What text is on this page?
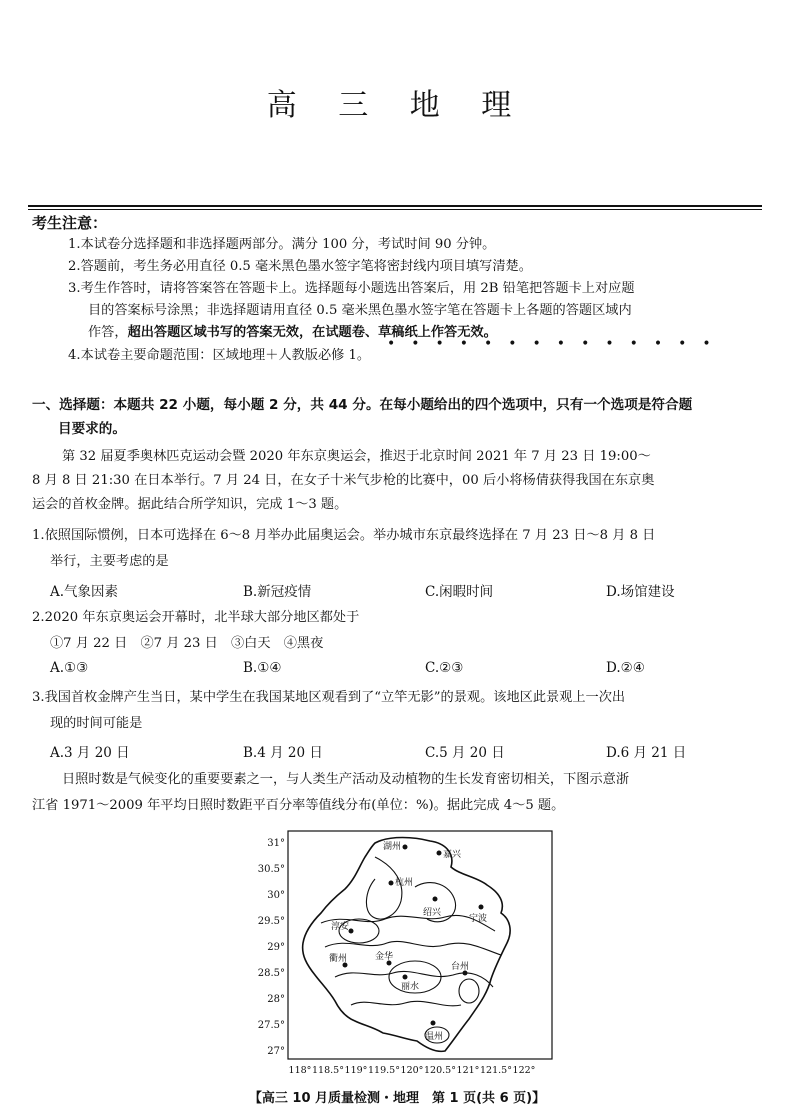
高 三 地 理
考生注意：
1.本试卷分选择题和非选择题两部分。满分 100 分，考试时间 90 分钟。
2.答题前，考生务必用直径 0.5 毫米黑色墨水签字笔将密封线内项目填写清楚。
3.考生作答时，请将答案答在答题卡上。选择题每小题选出答案后，用 2B 铅笔把答题卡上对应题
目的答案标号涂黑；非选择题请用直径 0.5 毫米黑色墨水签字笔在答题卡上各题的答题区域内
作答，超出答题区域书写的答案无效，在试题卷、草稿纸上作答无效。
••••••••••••••
4.本试卷主要命题范围：区域地理＋人教版必修 1。
一、选择题：本题共 22 小题，每小题 2 分，共 44 分。在每小题给出的四个选项中，只有一个选项是符合题
目要求的。
第 32 届夏季奥林匹克运动会暨 2020 年东京奥运会，推迟于北京时间 2021 年 7 月 23 日 19:00～
8 月 8 日 21:30 在日本举行。7 月 24 日，在女子十米气步枪的比赛中，00 后小将杨倩获得我国在东京奥
运会的首枚金牌。据此结合所学知识，完成 1～3 题。
1.依照国际惯例，日本可选择在 6～8 月举办此届奥运会。举办城市东京最终选择在 7 月 23 日～8 月 8 日
举行，主要考虑的是
A.气象因素	B.新冠疫情	C.闲暇时间	D.场馆建设
2.2020 年东京奥运会开幕时，北半球大部分地区都处于
①7 月 22 日　②7 月 23 日　③白天　④黑夜
A.①③	B.①④	C.②③	D.②④
3.我国首枚金牌产生当日，某中学生在我国某地区观看到了“立竿无影”的景观。该地区此景观上一次出
现的时间可能是
A.3 月 20 日	B.4 月 20 日	C.5 月 20 日	D.6 月 21 日
日照时数是气候变化的重要要素之一，与人类生产活动及动植物的生长发育密切相关，下图示意浙
江省 1971～2009 年平均日照时数距平百分率等值线分布(单位：%)。据此完成 4～5 题。
31°
30.5°
30°
29.5°
29°
28.5°
28°
27.5°
27°
118° 118.5° 119° 119.5° 120° 120.5° 121° 121.5° 122°
湖州
嘉兴
杭州
绍兴
宁波
淳安
衢州	金华
丽水
台州
温州
【高三 10 月质量检测・地理　第 1 页(共 6 页)】
